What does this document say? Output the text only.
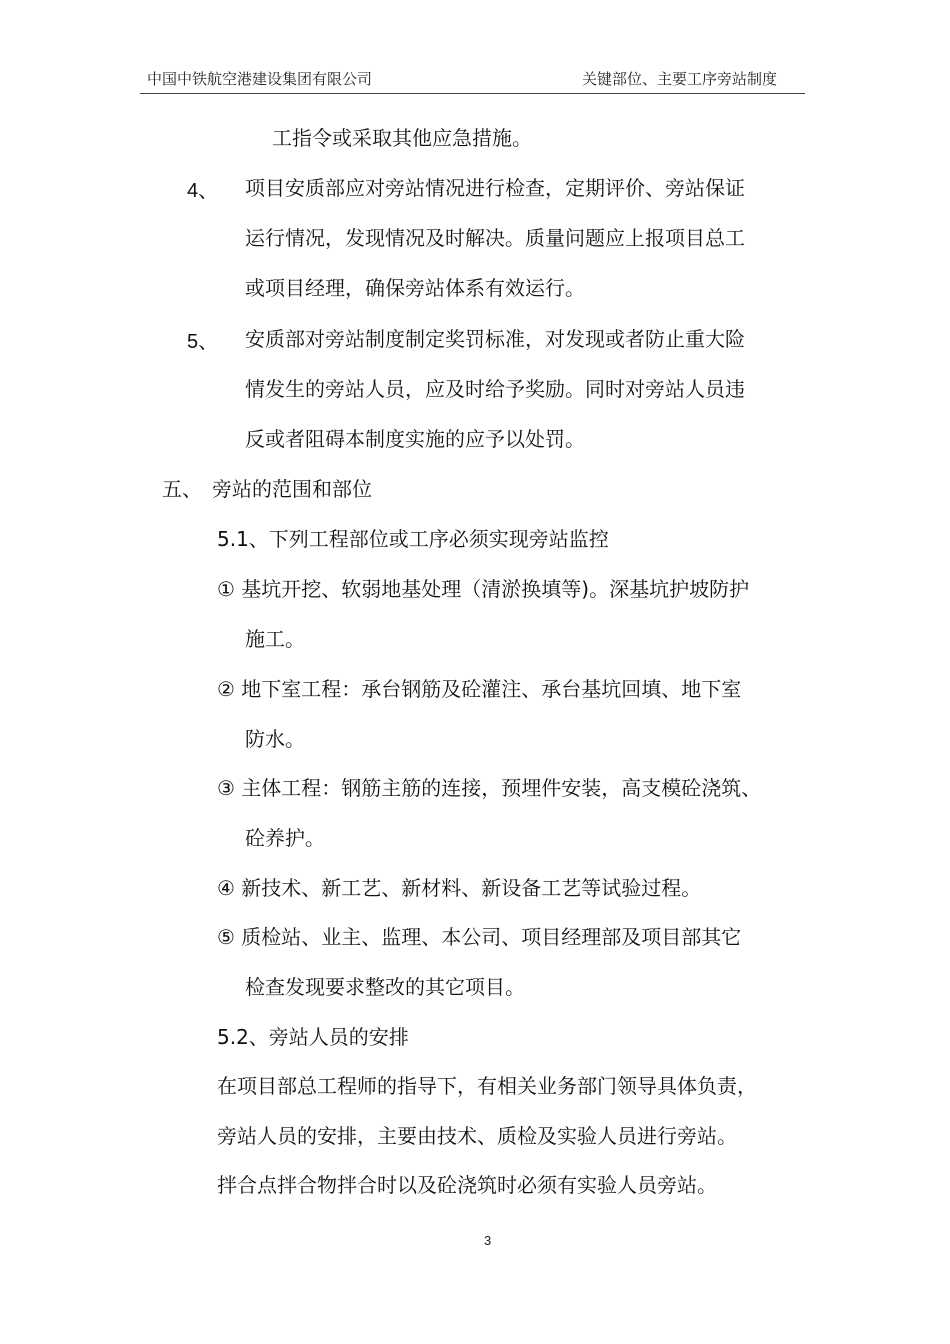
中国中铁航空港建设集团有限公司	关键部位、主要工序旁站制度
工指令或采取其他应急措施。
4、 项目安质部应对旁站情况进行检查，定期评价、旁站保证
运行情况，发现情况及时解决。质量问题应上报项目总工
或项目经理，确保旁站体系有效运行。
5、 安质部对旁站制度制定奖罚标准，对发现或者防止重大险
情发生的旁站人员，应及时给予奖励。同时对旁站人员违
反或者阻碍本制度实施的应予以处罚。
五、 旁站的范围和部位
5.1、下列工程部位或工序必须实现旁站监控
① 基坑开挖、软弱地基处理（清淤换填等)。深基坑护坡防护
施工。
② 地下室工程：承台钢筋及砼灌注、承台基坑回填、地下室
防水。
③ 主体工程：钢筋主筋的连接，预埋件安装，高支模砼浇筑、
砼养护。
④ 新技术、新工艺、新材料、新设备工艺等试验过程。
⑤ 质检站、业主、监理、本公司、项目经理部及项目部其它
检查发现要求整改的其它项目。
5.2、旁站人员的安排
在项目部总工程师的指导下，有相关业务部门领导具体负责，
旁站人员的安排，主要由技术、质检及实验人员进行旁站。
拌合点拌合物拌合时以及砼浇筑时必须有实验人员旁站。
3
